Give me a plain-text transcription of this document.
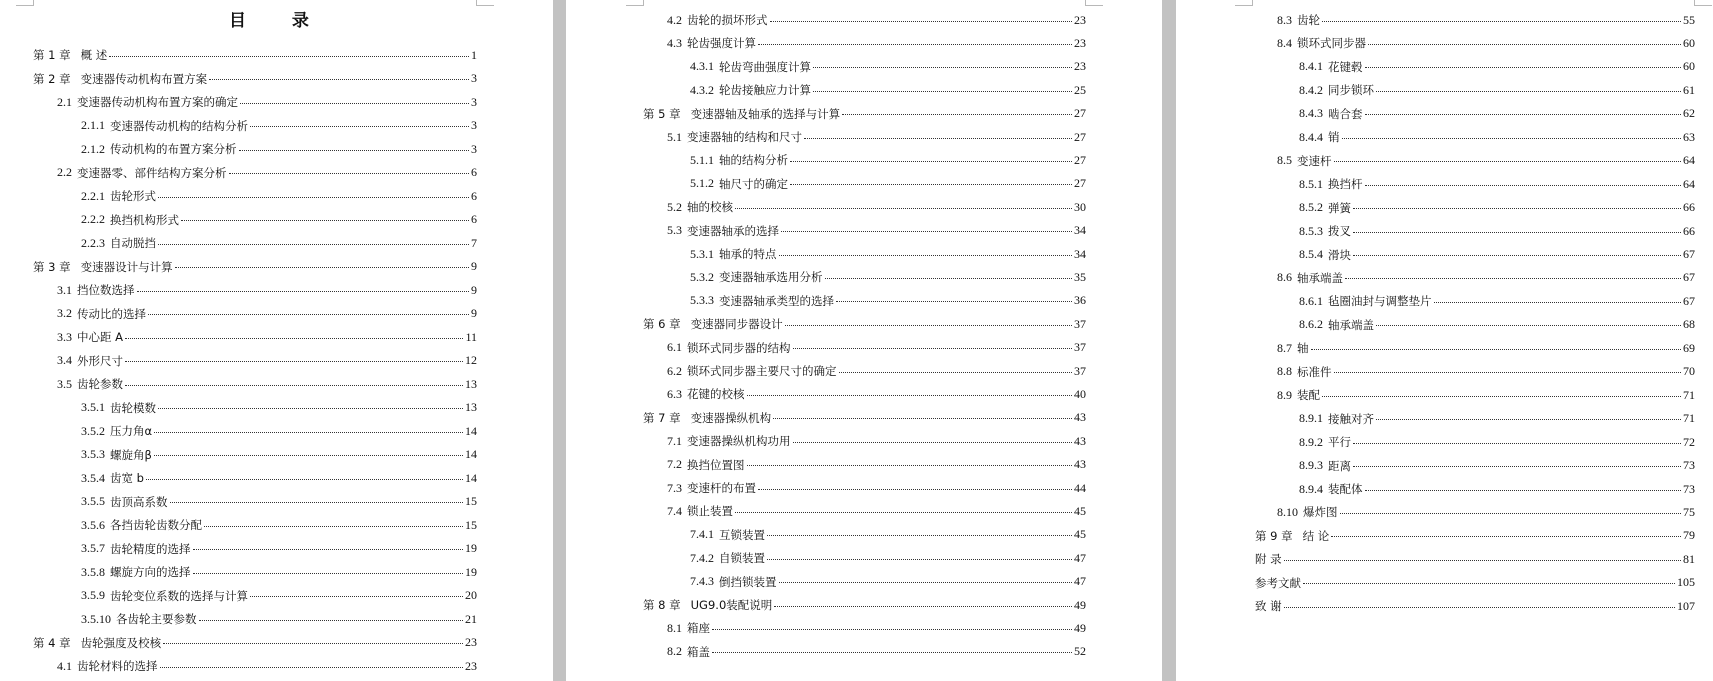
目 录
第 1 章 概 述	1
第 2 章 变速器传动机构布置方案	3
2.1 变速器传动机构布置方案的确定	3
2.1.1 变速器传动机构的结构分析	3
2.1.2 传动机构的布置方案分析	3
2.2 变速器零、部件结构方案分析	6
2.2.1 齿轮形式	6
2.2.2 换挡机构形式	6
2.2.3 自动脱挡	7
第 3 章 变速器设计与计算	9
3.1 挡位数选择	9
3.2 传动比的选择	9
3.3 中心距 A	11
3.4 外形尺寸	12
3.5 齿轮参数	13
3.5.1 齿轮模数	13
3.5.2 压力角α	14
3.5.3 螺旋角β	14
3.5.4 齿宽 b	14
3.5.5 齿顶高系数	15
3.5.6 各挡齿轮齿数分配	15
3.5.7 齿轮精度的选择	19
3.5.8 螺旋方向的选择	19
3.5.9 齿轮变位系数的选择与计算	20
3.5.10 各齿轮主要参数	21
第 4 章 齿轮强度及校核	23
4.1 齿轮材料的选择	23
4.2 齿轮的损坏形式	23
4.3 轮齿强度计算	23
4.3.1 轮齿弯曲强度计算	23
4.3.2 轮齿接触应力计算	25
第 5 章 变速器轴及轴承的选择与计算	27
5.1 变速器轴的结构和尺寸	27
5.1.1 轴的结构分析	27
5.1.2 轴尺寸的确定	27
5.2 轴的校核	30
5.3 变速器轴承的选择	34
5.3.1 轴承的特点	34
5.3.2 变速器轴承选用分析	35
5.3.3 变速器轴承类型的选择	36
第 6 章 变速器同步器设计	37
6.1 锁环式同步器的结构	37
6.2 锁环式同步器主要尺寸的确定	37
6.3 花键的校核	40
第 7 章 变速器操纵机构	43
7.1 变速器操纵机构功用	43
7.2 换挡位置图	43
7.3 变速杆的布置	44
7.4 锁止装置	45
7.4.1 互锁装置	45
7.4.2 自锁装置	47
7.4.3 倒挡锁装置	47
第 8 章 UG9.0装配说明	49
8.1 箱座	49
8.2 箱盖	52
8.3 齿轮	55
8.4 锁环式同步器	60
8.4.1 花键毂	60
8.4.2 同步锁环	61
8.4.3 啮合套	62
8.4.4 销	63
8.5 变速杆	64
8.5.1 换挡杆	64
8.5.2 弹簧	66
8.5.3 拨叉	66
8.5.4 滑块	67
8.6 轴承端盖	67
8.6.1 毡圈油封与调整垫片	67
8.6.2 轴承端盖	68
8.7 轴	69
8.8 标准件	70
8.9 装配	71
8.9.1 接触对齐	71
8.9.2 平行	72
8.9.3 距离	73
8.9.4 装配体	73
8.10 爆炸图	75
第 9 章 结 论	79
附 录	81
参考文献	105
致 谢	107
